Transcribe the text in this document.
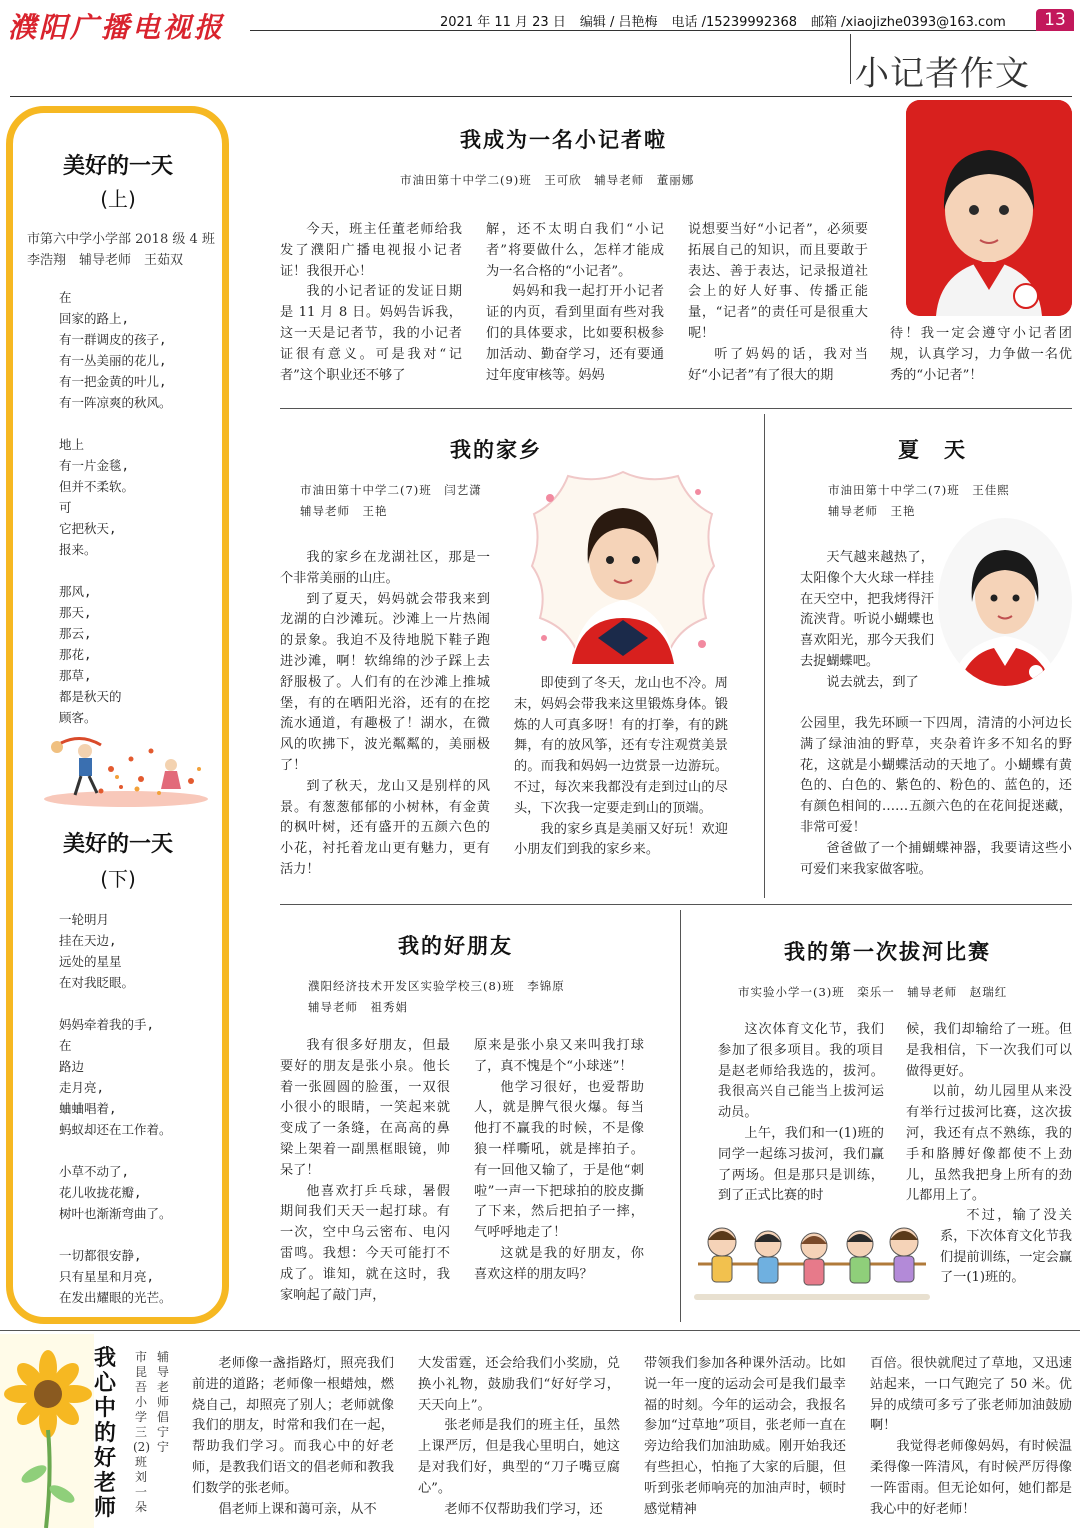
濮阳广播电视报	2021 年 11 月 23 日 编辑 / 吕艳梅 电话 /15239992368 邮箱 /xiaojizhe0393@163.com	13
小记者作文
美好的一天
(上)
市第六中学小学部 2018 级 4 班
李浩翔　辅导老师　王茹双
在
回家的路上,
有一群调皮的孩子,
有一丛美丽的花儿,
有一把金黄的叶儿,
有一阵凉爽的秋风。
地上
有一片金毯,
但并不柔软。
可
它把秋天,
报来。
那风,
那天,
那云,
那花,
那草,
都是秋天的
顾客。
美好的一天
(下)
一轮明月
挂在天边,
远处的星星
在对我眨眼。
妈妈牵着我的手,
在
路边
走月亮,
蛐蛐唱着,
蚂蚁却还在工作着。
小草不动了,
花儿收拢花瓣,
树叶也渐渐弯曲了。
一切都很安静,
只有星星和月亮,
在发出耀眼的光芒。
我成为一名小记者啦
市油田第十中学二(9)班　王可欣　辅导老师　董丽娜

今天，班主任董老师给我发了濮阳广播电视报小记者证！我很开心！

我的小记者证的发证日期是 11 月 8 日。妈妈告诉我，这一天是记者节，我的小记者证很有意义。可是我对“记者”这个职业还不够了

解，还不太明白我们“小记者”将要做什么，怎样才能成为一名合格的“小记者”。

妈妈和我一起打开小记者证的内页，看到里面有些对我们的具体要求，比如要积极参加活动、勤奋学习，还有要通过年度审核等。妈妈

说想要当好“小记者”，必须要拓展自己的知识，而且要敢于表达、善于表达，记录报道社会上的好人好事、传播正能量，“记者”的责任可是很重大呢！

听了妈妈的话，我对当好“小记者”有了很大的期

待！我一定会遵守小记者团规，认真学习，力争做一名优秀的“小记者”！

我的家乡
市油田第十中学二(7)班　闫艺潇
辅导老师　王艳

我的家乡在龙湖社区，那是一个非常美丽的山庄。

到了夏天，妈妈就会带我来到龙湖的白沙滩玩。沙滩上一片热闹的景象。我迫不及待地脱下鞋子跑进沙滩，啊！软绵绵的沙子踩上去舒服极了。人们有的在沙滩上推城堡，有的在晒阳光浴，还有的在挖流水通道，有趣极了！湖水，在微风的吹拂下，波光粼粼的，美丽极了！

到了秋天，龙山又是别样的风景。有葱葱郁郁的小树林，有金黄的枫叶树，还有盛开的五颜六色的小花，衬托着龙山更有魅力，更有活力！

即使到了冬天，龙山也不冷。周末，妈妈会带我来这里锻炼身体。锻炼的人可真多呀！有的打拳，有的跳舞，有的放风筝，还有专注观赏美景的。而我和妈妈一边赏景一边游玩。不过，每次来我都没有走到过山的尽头，下次我一定要走到山的顶端。

我的家乡真是美丽又好玩！欢迎小朋友们到我的家乡来。

夏　天
市油田第十中学二(7)班　王佳熙
辅导老师　王艳

天气越来越热了，太阳像个大火球一样挂在天空中，把我烤得汗流浃背。听说小蝴蝶也喜欢阳光，那今天我们去捉蝴蝶吧。

说去就去，到了

公园里，我先环顾一下四周，清清的小河边长满了绿油油的野草，夹杂着许多不知名的野花，这就是小蝴蝶活动的天地了。小蝴蝶有黄色的、白色的、紫色的、粉色的、蓝色的，还有颜色相间的……五颜六色的在花间捉迷藏，非常可爱！

爸爸做了一个捕蝴蝶神器，我要请这些小可爱们来我家做客啦。

我的好朋友
濮阳经济技术开发区实验学校三(8)班　李锦原
辅导老师　祖秀娟

我有很多好朋友，但最要好的朋友是张小泉。他长着一张圆圆的脸蛋，一双很小很小的眼睛，一笑起来就变成了一条缝，在高高的鼻梁上架着一副黑框眼镜，帅呆了！

他喜欢打乒乓球，暑假期间我们天天一起打球。有一次，空中乌云密布、电闪雷鸣。我想：今天可能打不成了。谁知，就在这时，我家响起了敲门声，

原来是张小泉又来叫我打球了，真不愧是个“小球迷”！

他学习很好，也爱帮助人，就是脾气很火爆。每当他打不赢我的时候，不是像狼一样嘶吼，就是摔拍子。有一回他又输了，于是他“刺啦”一声一下把球拍的胶皮撕了下来，然后把拍子一摔，气呼呼地走了！

这就是我的好朋友，你喜欢这样的朋友吗？

我的第一次拔河比赛
市实验小学一(3)班　栾乐一　辅导老师　赵瑞红

这次体育文化节，我们参加了很多项目。我的项目是赵老师给我选的，拔河。我很高兴自己能当上拔河运动员。

上午，我们和一(1)班的同学一起练习拔河，我们赢了两场。但是那只是训练，到了正式比赛的时

候，我们却输给了一班。但是我相信，下一次我们可以做得更好。

以前，幼儿园里从来没有举行过拔河比赛，这次拔河，我还有点不熟练，我的手和胳膊好像都使不上劲儿，虽然我把身上所有的劲儿都用上了。

不过，输了没关系，下次体育文化节我们提前训练，一定会赢了一(1)班的。

我心中的好老师
市昆吾小学三(2)班　刘一朵
辅导老师　倡宁宁

老师像一盏指路灯，照亮我们前进的道路；老师像一根蜡烛，燃烧自己，却照亮了别人；老师就像我们的朋友，时常和我们在一起，帮助我们学习。而我心中的好老师，是教我们语文的倡老师和教我们数学的张老师。

倡老师上课和蔼可亲，从不

大发雷霆，还会给我们小奖励，兑换小礼物，鼓励我们“好好学习，天天向上”。

张老师是我们的班主任，虽然上课严厉，但是我心里明白，她这是对我们好，典型的“刀子嘴豆腐心”。

老师不仅帮助我们学习，还

带领我们参加各种课外活动。比如说一年一度的运动会可是我们最幸福的时刻。今年的运动会，我报名参加“过草地”项目，张老师一直在旁边给我们加油助威。刚开始我还有些担心，怕拖了大家的后腿，但听到张老师响亮的加油声时，顿时感觉精神

百倍。很快就爬过了草地，又迅速站起来，一口气跑完了 50 米。优异的成绩可多亏了张老师加油鼓励啊！

我觉得老师像妈妈，有时候温柔得像一阵清风，有时候严厉得像一阵雷雨。但无论如何，她们都是我心中的好老师！
